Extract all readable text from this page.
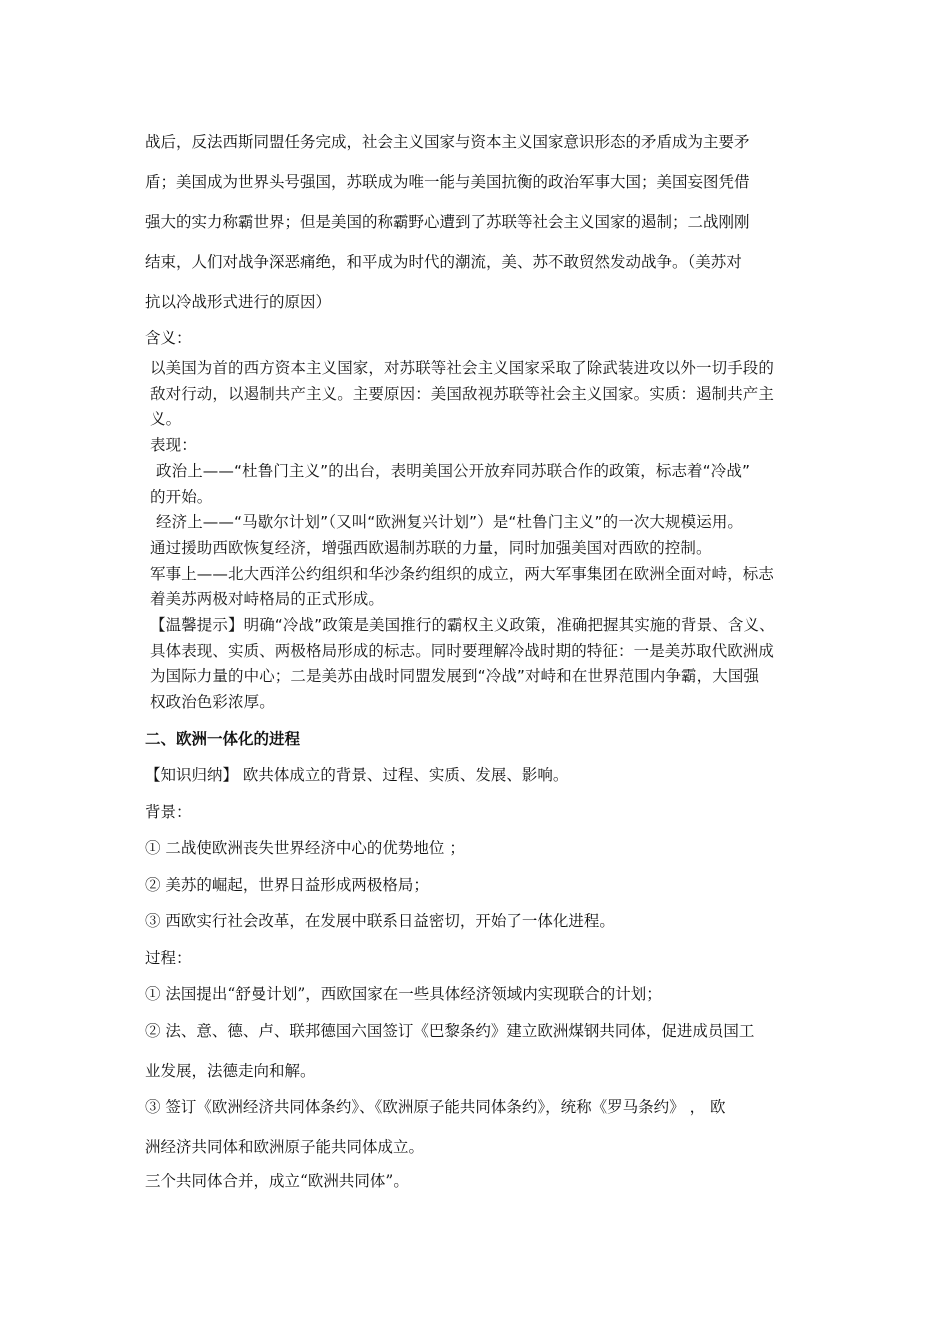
战后，反法西斯同盟任务完成，社会主义国家与资本主义国家意识形态的矛盾成为主要矛

盾；美国成为世界头号强国，苏联成为唯一能与美国抗衡的政治军事大国；美国妄图凭借

强大的实力称霸世界；但是美国的称霸野心遭到了苏联等社会主义国家的遏制；二战刚刚

结束，人们对战争深恶痛绝，和平成为时代的潮流，美、苏不敢贸然发动战争。（美苏对

抗以冷战形式进行的原因）

含义：

以美国为首的西方资本主义国家，对苏联等社会主义国家采取了除武装进攻以外一切手段的

敌对行动，以遏制共产主义。主要原因：美国敌视苏联等社会主义国家。实质：遏制共产主

义。

表现：

政治上——“杜鲁门主义”的出台，表明美国公开放弃同苏联合作的政策，标志着“冷战”

的开始。

经济上——“马歇尔计划”（又叫“欧洲复兴计划”）是“杜鲁门主义”的一次大规模运用。

通过援助西欧恢复经济，增强西欧遏制苏联的力量，同时加强美国对西欧的控制。

军事上——北大西洋公约组织和华沙条约组织的成立，两大军事集团在欧洲全面对峙，标志

着美苏两极对峙格局的正式形成。

【温馨提示】明确“冷战”政策是美国推行的霸权主义政策，准确把握其实施的背景、含义、

具体表现、实质、两极格局形成的标志。同时要理解冷战时期的特征：一是美苏取代欧洲成

为国际力量的中心；二是美苏由战时同盟发展到“冷战”对峙和在世界范围内争霸，大国强

权政治色彩浓厚。

二、欧洲一体化的进程

【知识归纳】 欧共体成立的背景、过程、实质、发展、影响。

背景：

① 二战使欧洲丧失世界经济中心的优势地位 ；

② 美苏的崛起，世界日益形成两极格局；

③ 西欧实行社会改革，在发展中联系日益密切，开始了一体化进程。

过程：

① 法国提出“舒曼计划”，西欧国家在一些具体经济领域内实现联合的计划；

② 法、意、德、卢、联邦德国六国签订《巴黎条约》建立欧洲煤钢共同体，促进成员国工

业发展，法德走向和解。

③ 签订《欧洲经济共同体条约》、《欧洲原子能共同体条约》，统称《罗马条约》 ， 欧

洲经济共同体和欧洲原子能共同体成立。

三个共同体合并，成立“欧洲共同体”。
